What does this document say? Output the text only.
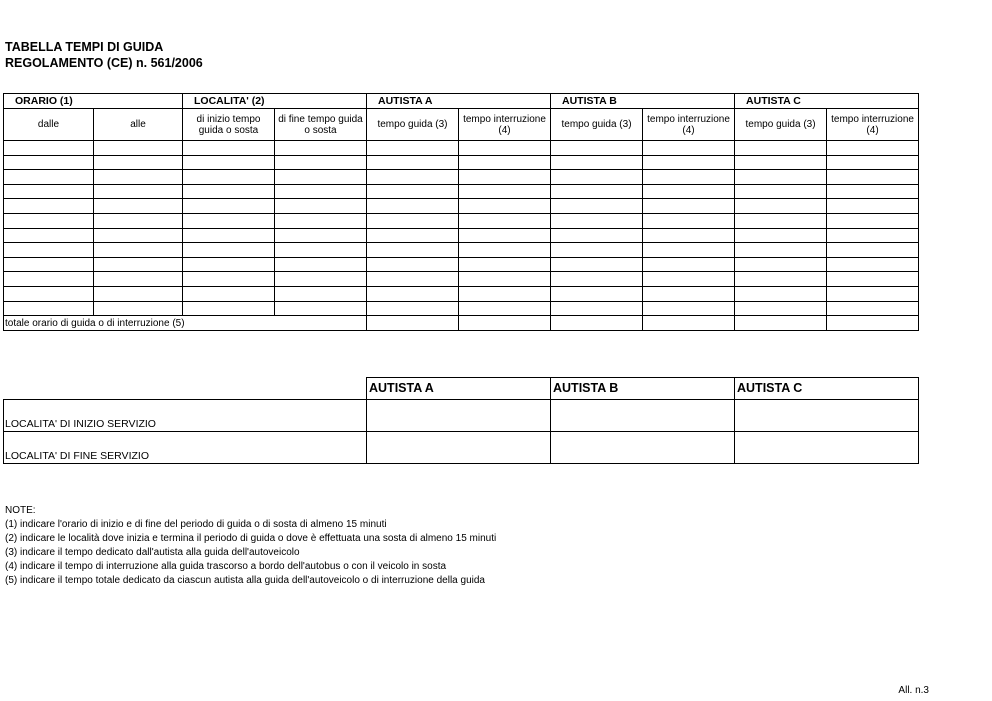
TABELLA TEMPI DI GUIDA
REGOLAMENTO (CE) n. 561/2006
ORARIO (1)		LOCALITA' (2)		AUTISTA A		AUTISTA B		AUTISTA C	
dalle	alle	di inizio tempo guida o sosta	di fine tempo guida o sosta	tempo guida (3)	tempo interruzione (4)	tempo guida (3)	tempo interruzione (4)	tempo guida (3)	tempo interruzione (4)

totale orario di guida o di interruzione (5)									
	AUTISTA A	AUTISTA B	AUTISTA C
LOCALITA' DI INIZIO SERVIZIO			
LOCALITA' DI FINE SERVIZIO			
NOTE:
(1) indicare l'orario di inizio e di fine del periodo di guida o di sosta di almeno 15 minuti
(2) indicare le località dove inizia e termina il periodo di guida o dove è effettuata una sosta di almeno 15 minuti
(3) indicare il tempo dedicato dall'autista alla guida dell'autoveicolo
(4) indicare il tempo di interruzione alla guida trascorso a bordo dell'autobus o con il veicolo in sosta
(5) indicare il tempo totale dedicato da ciascun autista alla guida dell'autoveicolo o di interruzione della guida
All. n.3
